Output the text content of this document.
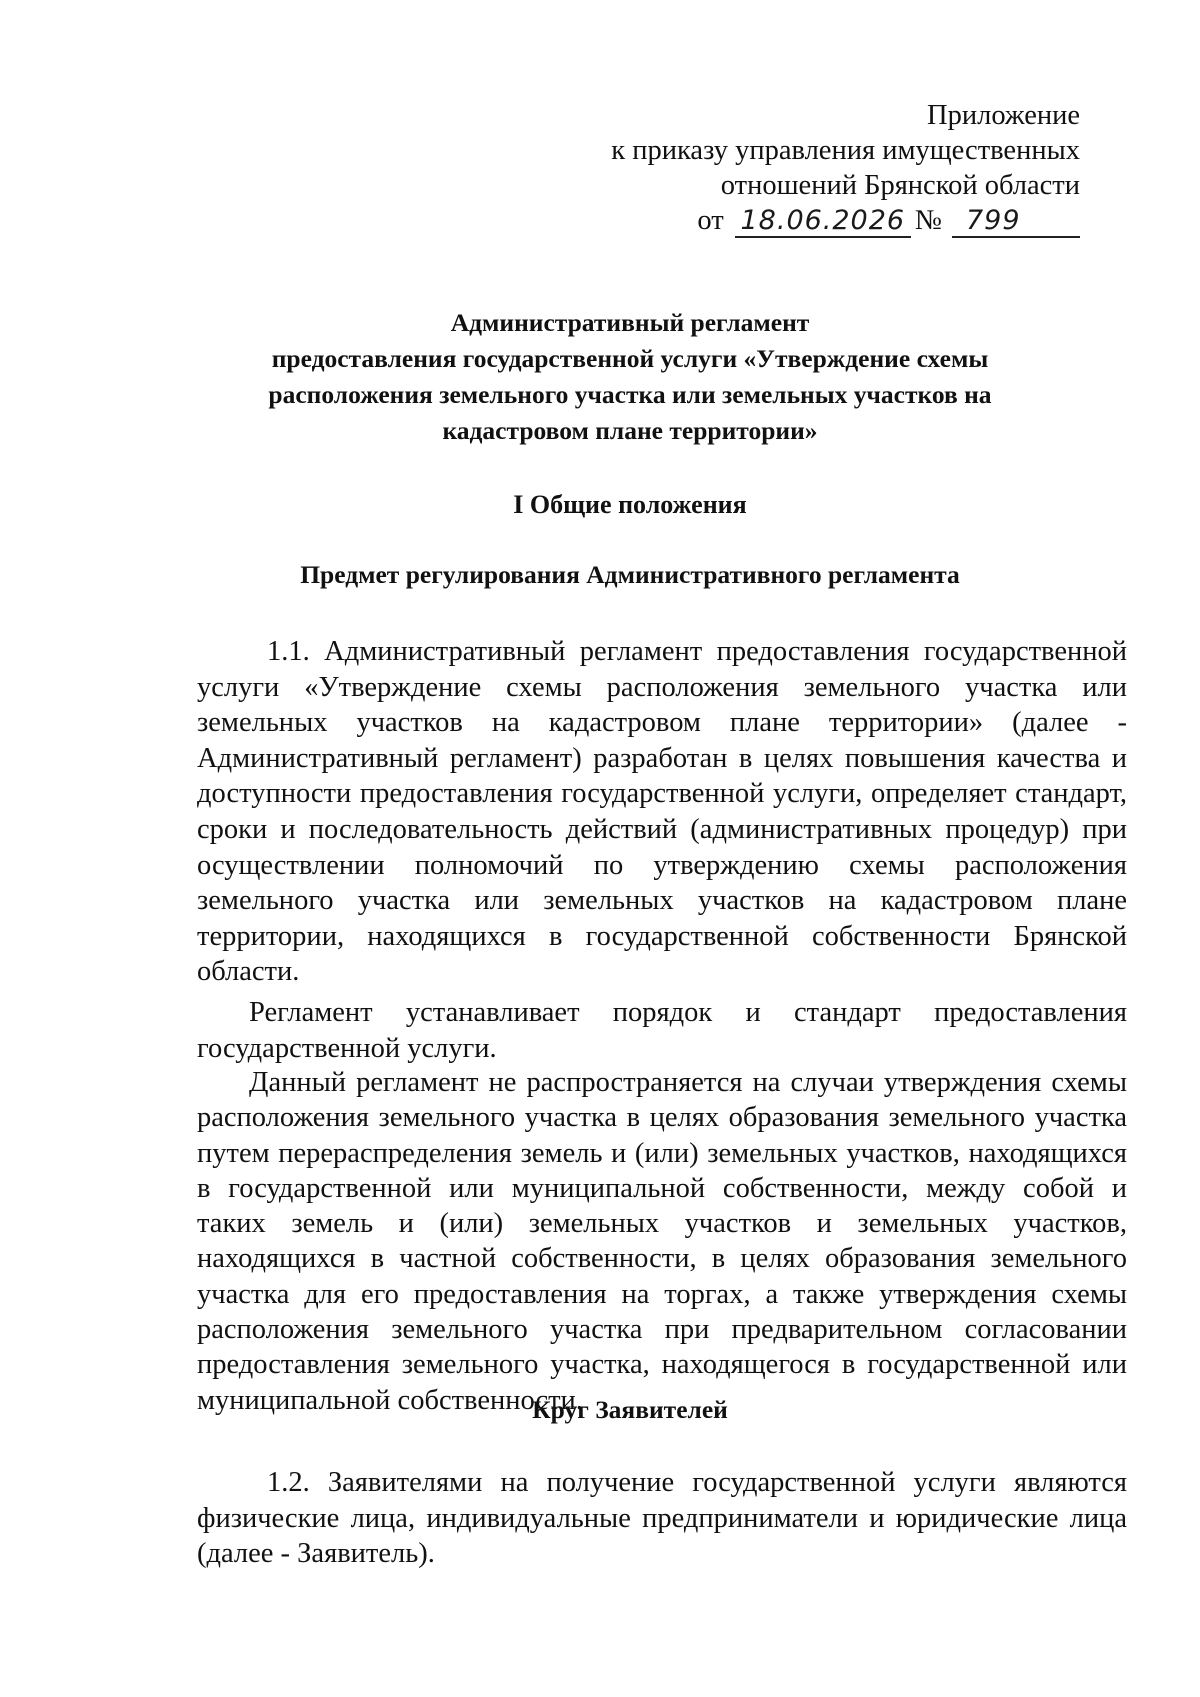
Приложение
к приказу управления имущественных
отношений Брянской области
от 18.06.2026 № 799
Административный регламент
предоставления государственной услуги «Утверждение схемы
расположения земельного участка или земельных участков на
кадастровом плане территории»
I Общие положения
Предмет регулирования Административного регламента
1.1. Административный регламент предоставления государственной услуги «Утверждение схемы расположения земельного участка или земельных участков на кадастровом плане территории» (далее - Административный регламент) разработан в целях повышения качества и доступности предоставления государственной услуги, определяет стандарт, сроки и последовательность действий (административных процедур) при осуществлении полномочий по утверждению схемы расположения земельного участка или земельных участков на кадастровом плане территории, находящихся в государственной собственности Брянской области.
Регламент устанавливает порядок и стандарт предоставления государственной услуги.
Данный регламент не распространяется на случаи утверждения схемы расположения земельного участка в целях образования земельного участка путем перераспределения земель и (или) земельных участков, находящихся в государственной или муниципальной собственности, между собой и таких земель и (или) земельных участков и земельных участков, находящихся в частной собственности, в целях образования земельного участка для его предоставления на торгах, а также утверждения схемы расположения земельного участка при предварительном согласовании предоставления земельного участка, находящегося в государственной или муниципальной собственности.
Круг Заявителей
1.2. Заявителями на получение государственной услуги являются физические лица, индивидуальные предприниматели и юридические лица (далее - Заявитель).
